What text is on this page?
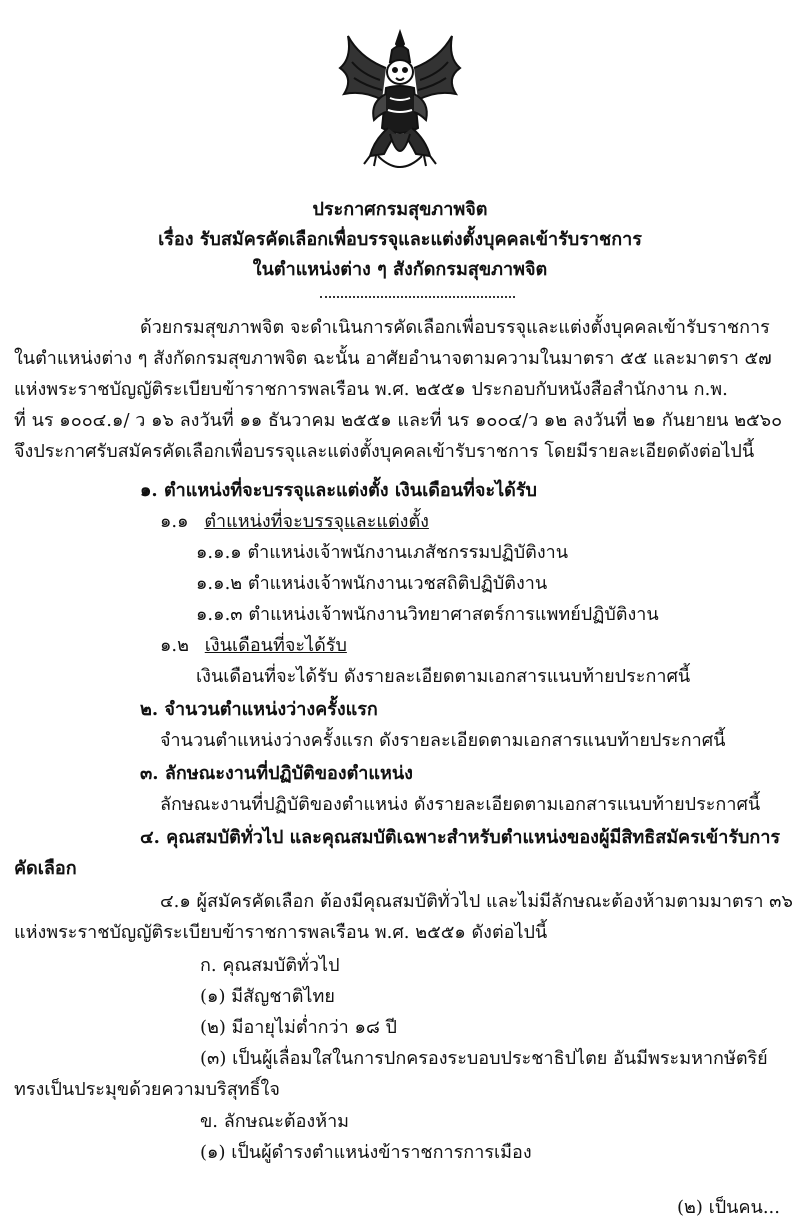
ประกาศกรมสุขภาพจิต
เรื่อง รับสมัครคัดเลือกเพื่อบรรจุและแต่งตั้งบุคคลเข้ารับราชการ
ในตำแหน่งต่าง ๆ สังกัดกรมสุขภาพจิต
ด้วยกรมสุขภาพจิต จะดำเนินการคัดเลือกเพื่อบรรจุและแต่งตั้งบุคคลเข้ารับราชการ
ในตำแหน่งต่าง ๆ สังกัดกรมสุขภาพจิต ฉะนั้น อาศัยอำนาจตามความในมาตรา ๕๕ และมาตรา ๕๗
แห่งพระราชบัญญัติระเบียบข้าราชการพลเรือน พ.ศ. ๒๕๕๑ ประกอบกับหนังสือสำนักงาน ก.พ.
ที่ นร ๑๐๐๔.๑/ ว ๑๖ ลงวันที่ ๑๑ ธันวาคม ๒๕๕๑ และที่ นร ๑๐๐๔/ว ๑๒ ลงวันที่ ๒๑ กันยายน ๒๕๖๐
จึงประกาศรับสมัครคัดเลือกเพื่อบรรจุและแต่งตั้งบุคคลเข้ารับราชการ โดยมีรายละเอียดดังต่อไปนี้
๑. ตำแหน่งที่จะบรรจุและแต่งตั้ง เงินเดือนที่จะได้รับ
๑.๑ ตำแหน่งที่จะบรรจุและแต่งตั้ง
๑.๑.๑ ตำแหน่งเจ้าพนักงานเภสัชกรรมปฏิบัติงาน
๑.๑.๒ ตำแหน่งเจ้าพนักงานเวชสถิติปฏิบัติงาน
๑.๑.๓ ตำแหน่งเจ้าพนักงานวิทยาศาสตร์การแพทย์ปฏิบัติงาน
๑.๒ เงินเดือนที่จะได้รับ
เงินเดือนที่จะได้รับ ดังรายละเอียดตามเอกสารแนบท้ายประกาศนี้
๒. จำนวนตำแหน่งว่างครั้งแรก
จำนวนตำแหน่งว่างครั้งแรก ดังรายละเอียดตามเอกสารแนบท้ายประกาศนี้
๓. ลักษณะงานที่ปฏิบัติของตำแหน่ง
ลักษณะงานที่ปฏิบัติของตำแหน่ง ดังรายละเอียดตามเอกสารแนบท้ายประกาศนี้
๔. คุณสมบัติทั่วไป และคุณสมบัติเฉพาะสำหรับตำแหน่งของผู้มีสิทธิสมัครเข้ารับการ
คัดเลือก
๔.๑ ผู้สมัครคัดเลือก ต้องมีคุณสมบัติทั่วไป และไม่มีลักษณะต้องห้ามตามมาตรา ๓๖
แห่งพระราชบัญญัติระเบียบข้าราชการพลเรือน พ.ศ. ๒๕๕๑ ดังต่อไปนี้
ก. คุณสมบัติทั่วไป
(๑) มีสัญชาติไทย
(๒) มีอายุไม่ต่ำกว่า ๑๘ ปี
(๓) เป็นผู้เลื่อมใสในการปกครองระบอบประชาธิปไตย อันมีพระมหากษัตริย์
ทรงเป็นประมุขด้วยความบริสุทธิ์ใจ
ข. ลักษณะต้องห้าม
(๑) เป็นผู้ดำรงตำแหน่งข้าราชการการเมือง
(๒) เป็นคน...
